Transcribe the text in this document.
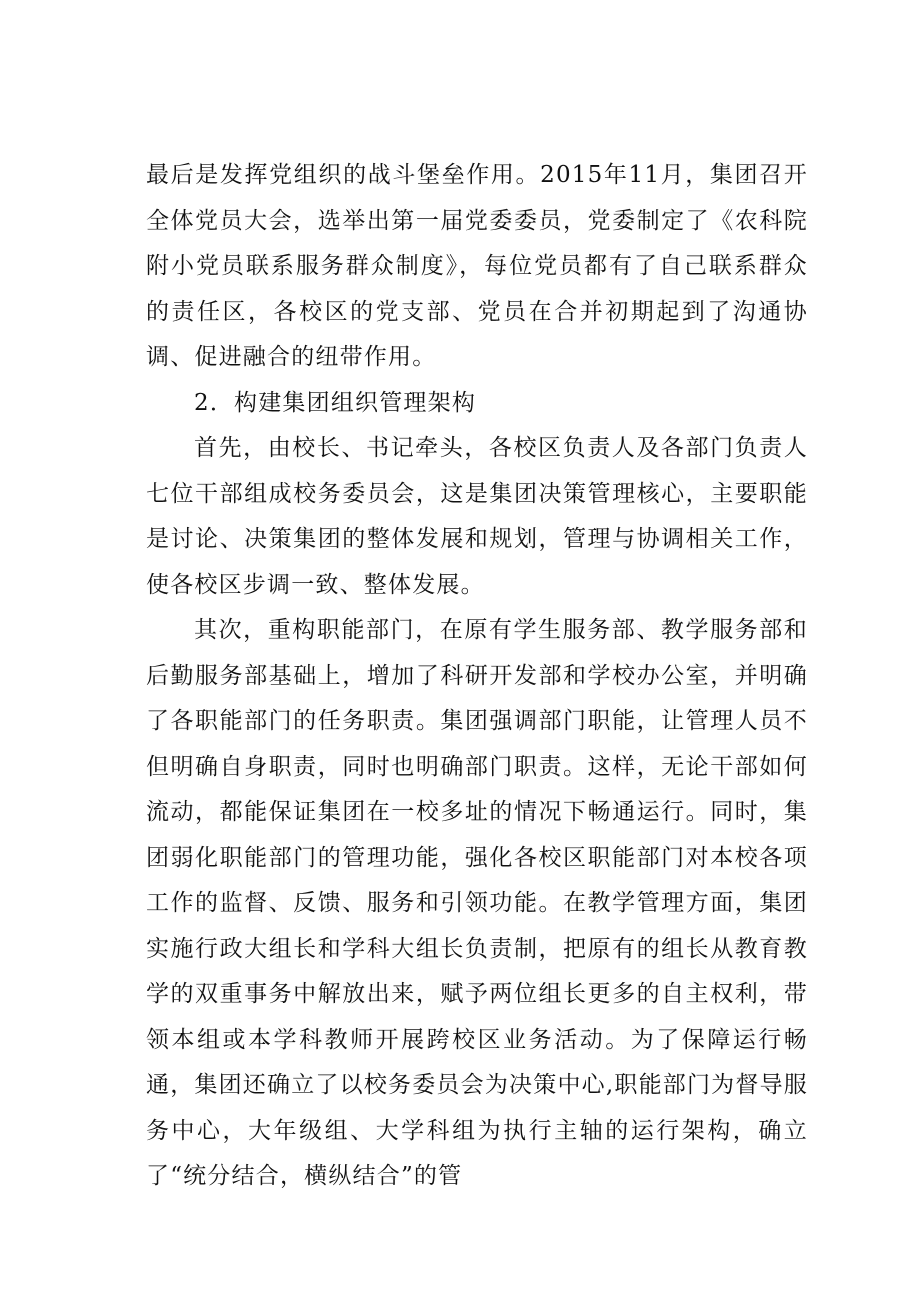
最后是发挥党组织的战斗堡垒作用。2015年11月，集团召开全体党员大会，选举出第一届党委委员，党委制定了《农科院附小党员联系服务群众制度》，每位党员都有了自己联系群众的责任区，各校区的党支部、党员在合并初期起到了沟通协调、促进融合的纽带作用。

2．构建集团组织管理架构

首先，由校长、书记牵头，各校区负责人及各部门负责人七位干部组成校务委员会，这是集团决策管理核心，主要职能是讨论、决策集团的整体发展和规划，管理与协调相关工作，使各校区步调一致、整体发展。

其次，重构职能部门，在原有学生服务部、教学服务部和后勤服务部基础上，增加了科研开发部和学校办公室，并明确了各职能部门的任务职责。集团强调部门职能，让管理人员不但明确自身职责，同时也明确部门职责。这样，无论干部如何流动，都能保证集团在一校多址的情况下畅通运行。同时，集团弱化职能部门的管理功能，强化各校区职能部门对本校各项工作的监督、反馈、服务和引领功能。在教学管理方面，集团实施行政大组长和学科大组长负责制，把原有的组长从教育教学的双重事务中解放出来，赋予两位组长更多的自主权利，带领本组或本学科教师开展跨校区业务活动。为了保障运行畅通，集团还确立了以校务委员会为决策中心,职能部门为督导服务中心，大年级组、大学科组为执行主轴的运行架构，确立了“统分结合，横纵结合”的管
